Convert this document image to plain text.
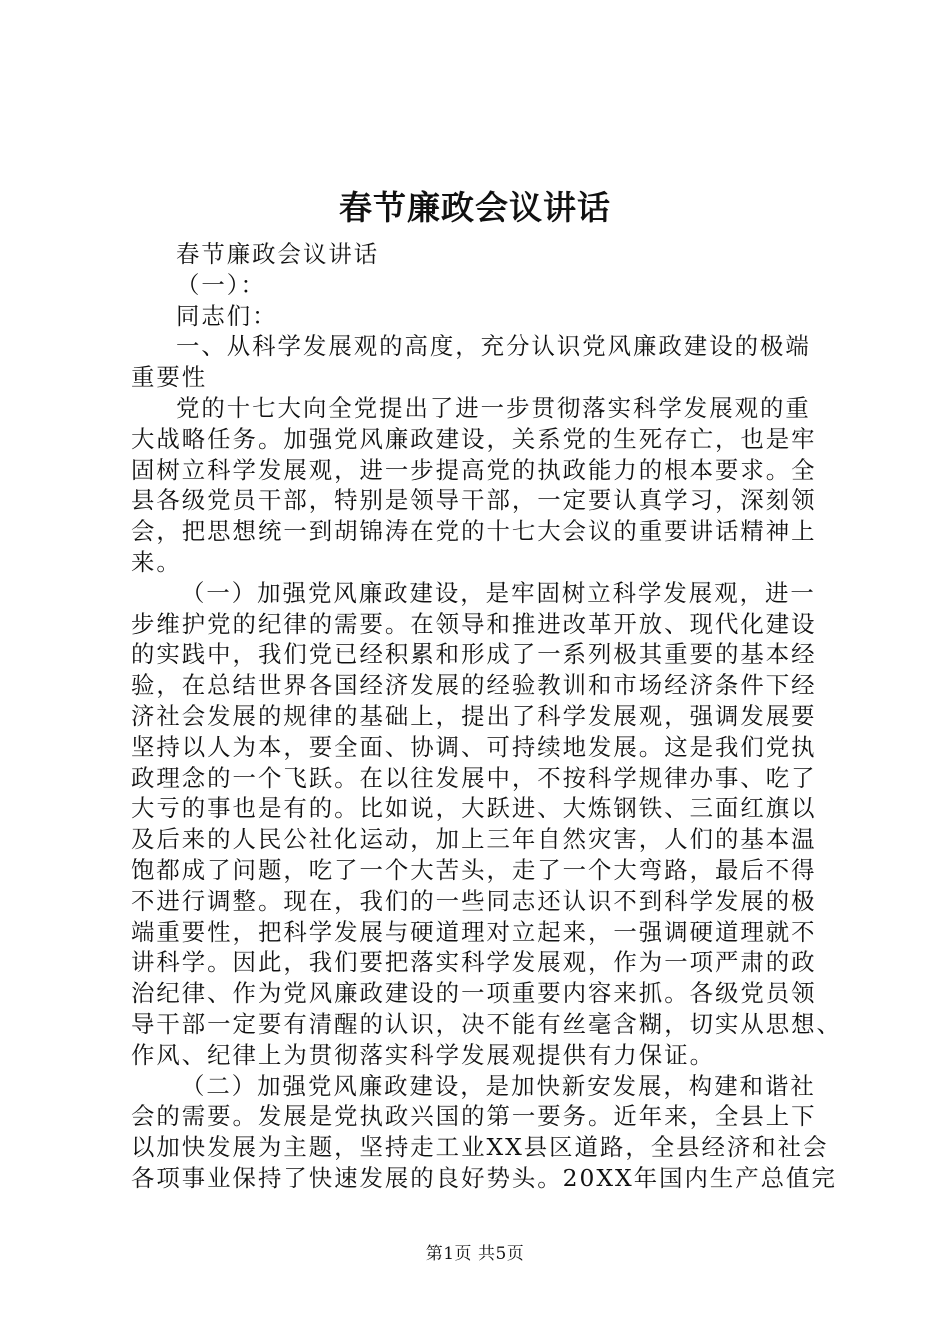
春节廉政会议讲话
春节廉政会议讲话
（一）：
同志们：
一、从科学发展观的高度，充分认识党风廉政建设的极端
重要性
党的十七大向全党提出了进一步贯彻落实科学发展观的重
大战略任务。加强党风廉政建设，关系党的生死存亡，也是牢
固树立科学发展观，进一步提高党的执政能力的根本要求。全
县各级党员干部，特别是领导干部，一定要认真学习，深刻领
会，把思想统一到胡锦涛在党的十七大会议的重要讲话精神上
来。
（一）加强党风廉政建设，是牢固树立科学发展观，进一
步维护党的纪律的需要。在领导和推进改革开放、现代化建设
的实践中，我们党已经积累和形成了一系列极其重要的基本经
验，在总结世界各国经济发展的经验教训和市场经济条件下经
济社会发展的规律的基础上，提出了科学发展观，强调发展要
坚持以人为本，要全面、协调、可持续地发展。这是我们党执
政理念的一个飞跃。在以往发展中，不按科学规律办事、吃了
大亏的事也是有的。比如说，大跃进、大炼钢铁、三面红旗以
及后来的人民公社化运动，加上三年自然灾害，人们的基本温
饱都成了问题，吃了一个大苦头，走了一个大弯路，最后不得
不进行调整。现在，我们的一些同志还认识不到科学发展的极
端重要性，把科学发展与硬道理对立起来，一强调硬道理就不
讲科学。因此，我们要把落实科学发展观，作为一项严肃的政
治纪律、作为党风廉政建设的一项重要内容来抓。各级党员领
导干部一定要有清醒的认识，决不能有丝毫含糊，切实从思想、
作风、纪律上为贯彻落实科学发展观提供有力保证。
（二）加强党风廉政建设，是加快新安发展，构建和谐社
会的需要。发展是党执政兴国的第一要务。近年来，全县上下
以加快发展为主题，坚持走工业XX县区道路，全县经济和社会
各项事业保持了快速发展的良好势头。20XX年国内生产总值完
第1页 共5页
